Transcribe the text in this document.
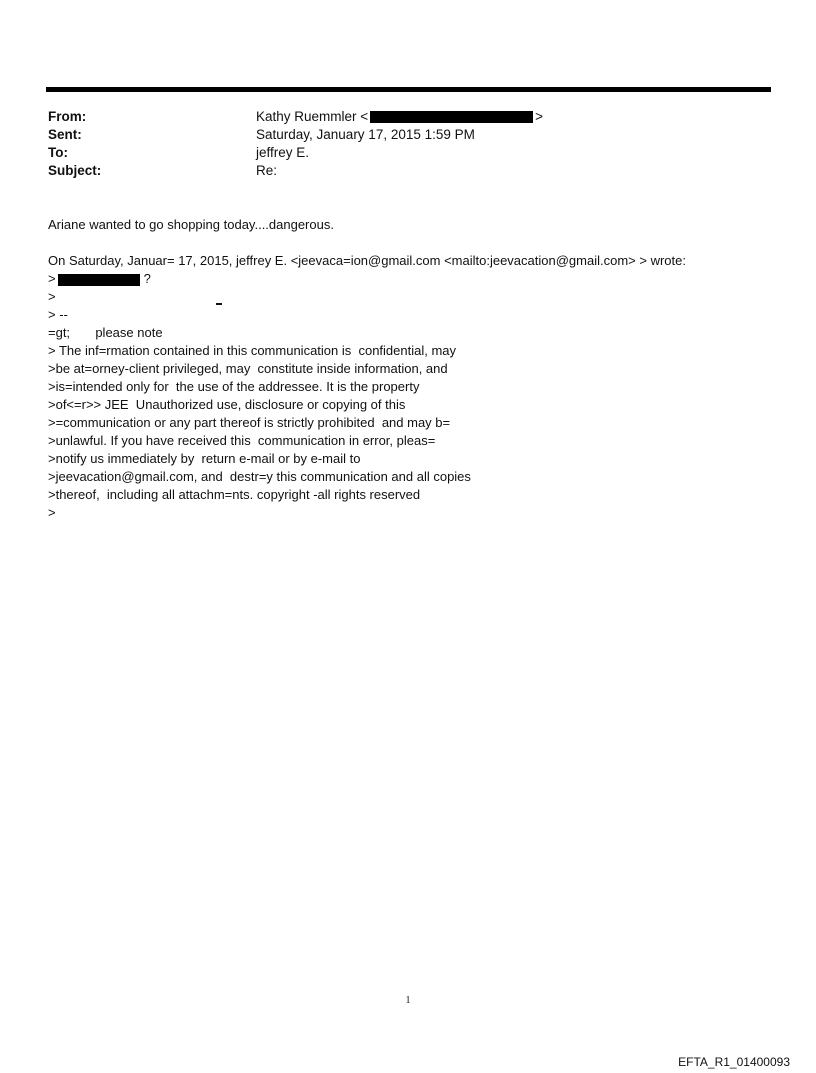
From:	Kathy Ruemmler <	>
Sent:	Saturday, January 17, 2015 1:59 PM
To:	jeffrey E.
Subject:	Re:
Ariane wanted to go shopping today....dangerous.
On Saturday, Januar= 17, 2015, jeffrey E. <jeevaca=ion@gmail.com <mailto:jeevacation@gmail.com> > wrote:
>	?
>
> --
=gt;       please note
> The inf=rmation contained in this communication is  confidential, may
>be at=orney-client privileged, may  constitute inside information, and
>is=intended only for  the use of the addressee. It is the property
>of<=r>> JEE  Unauthorized use, disclosure or copying of this
>=communication or any part thereof is strictly prohibited  and may b=
>unlawful. If you have received this  communication in error, pleas=
>notify us immediately by  return e-mail or by e-mail to
>jeevacation@gmail.com, and  destr=y this communication and all copies
>thereof,  including all attachm=nts. copyright -all rights reserved
>
1
EFTA_R1_01400093
